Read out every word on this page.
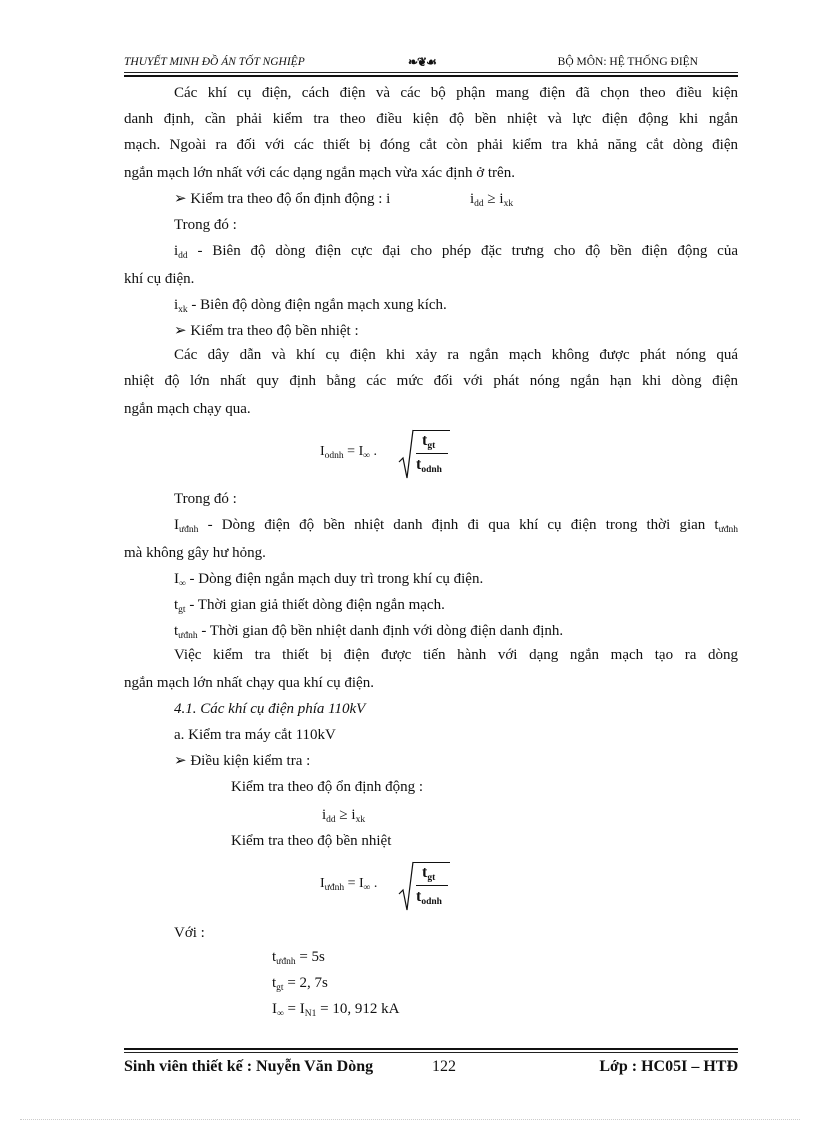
THUYẾT MINH ĐỒ ÁN TỐT NGHIỆP	❧❦☙	BỘ MÔN: HỆ THỐNG ĐIỆN
Các khí cụ điện, cách điện và các bộ phận mang điện đã chọn theo điều kiện
danh định, cần phải kiểm tra theo điều kiện độ bền nhiệt và lực điện động khi ngắn
mạch. Ngoài ra đối với các thiết bị đóng cắt còn phải kiểm tra khả năng cắt dòng điện
ngắn mạch lớn nhất với các dạng ngắn mạch vừa xác định ở trên.
➢ Kiểm tra theo độ ổn định động : i	$i_{dd} \ge i_{xk}$
Trong đó :
$i_{dd}$ - Biên độ dòng điện cực đại cho phép đặc trưng cho độ bền điện động của
khí cụ điện.
$i_{xk}$ - Biên độ dòng điện ngắn mạch xung kích.
➢ Kiểm tra theo độ bền nhiệt :
Các dây dẫn và khí cụ điện khi xảy ra ngắn mạch không được phát nóng quá
nhiệt độ lớn nhất quy định bằng các mức đối với phát nóng ngắn hạn khi dòng điện
ngắn mạch chạy qua.
$I_{odnh} = I_\infty$ .
$t_{gt}$
$t_{odnh}$
Trong đó :
$I_{ưđnh}$ - Dòng điện độ bền nhiệt danh định đi qua khí cụ điện trong thời gian $t_{ưđnh}$
mà không gây hư hỏng.
$I_\infty$ - Dòng điện ngắn mạch duy trì trong khí cụ điện.
$t_{gt}$ - Thời gian giả thiết dòng điện ngắn mạch.
$t_{ưđnh}$ - Thời gian độ bền nhiệt danh định với dòng điện danh định.
Việc kiểm tra thiết bị điện được tiến hành với dạng ngắn mạch tạo ra dòng
ngắn mạch lớn nhất chạy qua khí cụ điện.
4.1. Các khí cụ điện phía 110kV
a. Kiểm tra máy cắt 110kV
➢ Điều kiện kiểm tra :
Kiểm tra theo độ ổn định động :
$i_{dd} \ge i_{xk}$
Kiểm tra theo độ bền nhiệt
$I_{ưđnh} = I_\infty$ .
$t_{gt}$
$t_{odnh}$
Với :
$t_{ưđnh} = 5s$
$t_{gt} = 2$, 7s
$I_\infty = I_{N1} = 10$, 912 kA
Sinh viên thiết kế : Nuyễn Văn Dòng	122	Lớp : HC05I – HTĐ
